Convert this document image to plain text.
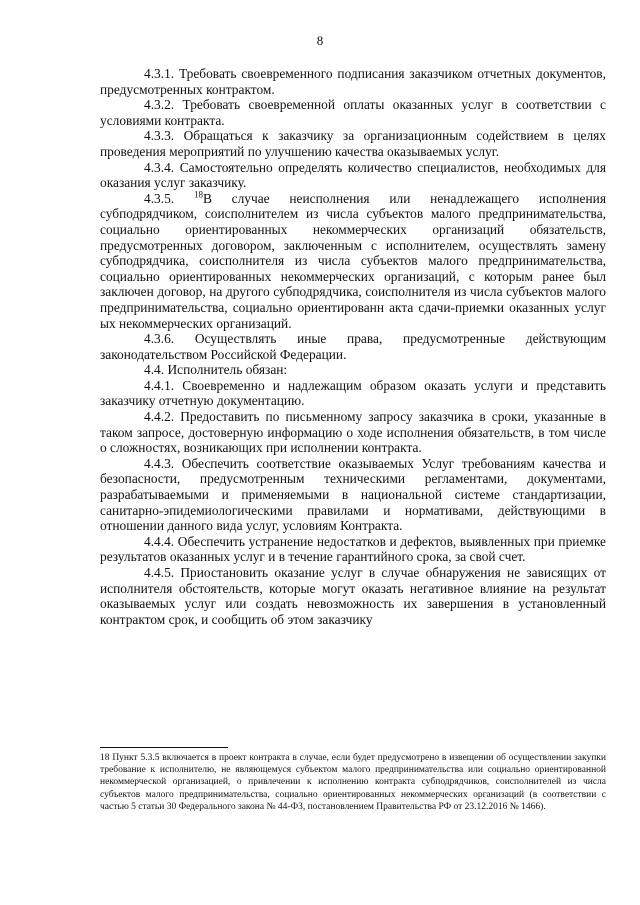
8

4.3.1. Требовать своевременного подписания заказчиком отчетных документов, предусмотренных контрактом.

4.3.2. Требовать своевременной оплаты оказанных услуг в соответствии с условиями контракта.

4.3.3. Обращаться к заказчику за организационным содействием в целях проведения мероприятий по улучшению качества оказываемых услуг.

4.3.4. Самостоятельно определять количество специалистов, необходимых для оказания услуг заказчику.

4.3.5. $^{18}$В случае неисполнения или ненадлежащего исполнения субподрядчиком, соисполнителем из числа субъектов малого предпринимательства, социально ориентированных некоммерческих организаций обязательств, предусмотренных договором, заключенным с исполнителем, осуществлять замену субподрядчика, соисполнителя из числа субъектов малого предпринимательства, социально ориентированных некоммерческих организаций, с которым ранее был заключен договор, на другого субподрядчика, соисполнителя из числа субъектов малого предпринимательства, социально ориентированн акта сдачи-приемки оказанных услуг ых некоммерческих организаций.

4.3.6. Осуществлять иные права, предусмотренные действующим законодательством Российской Федерации.

4.4. Исполнитель обязан:

4.4.1. Своевременно и надлежащим образом оказать услуги и представить заказчику отчетную документацию.

4.4.2. Предоставить по письменному запросу заказчика в сроки, указанные в таком запросе, достоверную информацию о ходе исполнения обязательств, в том числе о сложностях, возникающих при исполнении контракта.

4.4.3. Обеспечить соответствие оказываемых Услуг требованиям качества и безопасности, предусмотренным техническими регламентами, документами, разрабатываемыми и применяемыми в национальной системе стандартизации, санитарно-эпидемиологическими правилами и нормативами, действующими в отношении данного вида услуг, условиям Контракта.

4.4.4. Обеспечить устранение недостатков и дефектов, выявленных при приемке результатов оказанных услуг и в течение гарантийного срока, за свой счет.

4.4.5. Приостановить оказание услуг в случае обнаружения не зависящих от исполнителя обстоятельств, которые могут оказать негативное влияние на результат оказываемых услуг или создать невозможность их завершения в установленный контрактом срок, и сообщить об этом заказчику

18 Пункт 5.3.5 включается в проект контракта в случае, если будет предусмотрено в извещении об осуществлении закупки требование к исполнителю, не являющемуся субъектом малого предпринимательства или социально ориентированной некоммерческой организацией, о привлечении к исполнению контракта субподрядчиков, соисполнителей из числа субъектов малого предпринимательства, социально ориентированных некоммерческих организаций (в соответствии с частью 5 статьи 30 Федерального закона № 44-ФЗ, постановлением Правительства РФ от 23.12.2016 № 1466).
